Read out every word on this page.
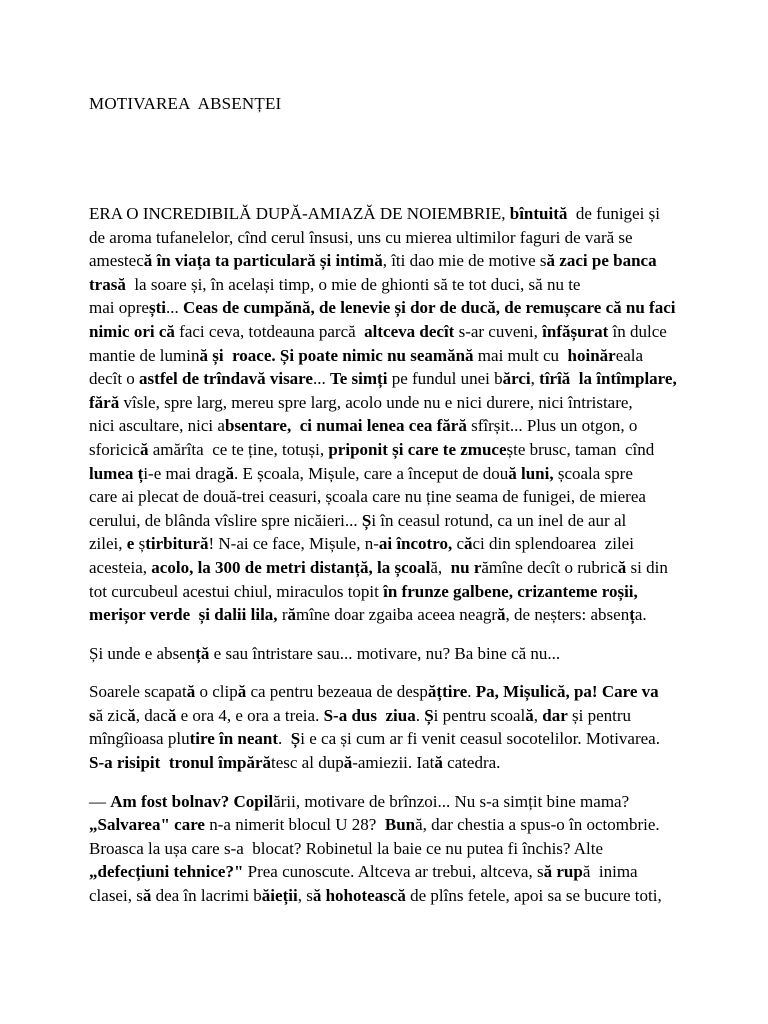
MOTIVAREA  ABSENȚEI

ERA O INCREDIBILĂ DUPĂ-AMIAZĂ DE NOIEMBRIE, bîntuită  de funigei și
de aroma tufanelelor, cînd cerul însusi, uns cu mierea ultimilor faguri de vară se
amestecă în viața ta particulară și intimă, îti dao mie de motive să zaci pe banca
trasă  la soare și, în același timp, o mie de ghionti să te tot duci, să nu te
mai oprești... Ceas de cumpănă, de lenevie și dor de ducă, de remușcare că nu faci
nimic ori că faci ceva, totdeauna parcă  altceva decît s-ar cuveni, înfășurat în dulce
mantie de lumină și  roace. Și poate nimic nu seamănă mai mult cu  hoinăreala
decît o astfel de trîndavă visare... Te simți pe fundul unei bărci, tîrîă  la întîmplare,
fără vîsle, spre larg, mereu spre larg, acolo unde nu e nici durere, nici întristare,
nici ascultare, nici absentare,  ci numai lenea cea fără sfîrșit... Plus un otgon, o
sforicică amărîta  ce te ține, totuși, priponit și care te zmucește brusc, taman  cînd
lumea ți-e mai dragă. E școala, Mișule, care a început de două luni, școala spre
care ai plecat de două-trei ceasuri, școala care nu ține seama de funigei, de mierea
cerului, de blânda vîslire spre nicăieri... Și în ceasul rotund, ca un inel de aur al
zilei, e știrbitură! N-ai ce face, Mișule, n-ai încotro, căci din splendoarea  zilei
acesteia, acolo, la 300 de metri distanță, la școală,  nu rămîne decît o rubrică si din
tot curcubeul acestui chiul, miraculos topit în frunze galbene, crizanteme roșii,
merișor verde  și dalii lila, rămîne doar zgaiba aceea neagră, de neșters: absența.

Și unde e absență e sau întristare sau... motivare, nu? Ba bine că nu...

Soarele scapată o clipă ca pentru bezeaua de despățtire. Pa, Mișulică, pa! Care va
să zică, dacă e ora 4, e ora a treia. S-a dus  ziua. Și pentru scoală, dar și pentru
mîngîioasa plutire în neant.  Și e ca și cum ar fi venit ceasul socotelilor. Motivarea.
S-a risipit  tronul împărătesc al după-amiezii. Iată catedra.

— Am fost bolnav? Copilării, motivare de brînzoi... Nu s-a simțit bine mama?
„Salvarea" care n-a nimerit blocul U 28?  Bună, dar chestia a spus-o în octombrie.
Broasca la ușa care s-a  blocat? Robinetul la baie ce nu putea fi închis? Alte
„defecțiuni tehnice?" Prea cunoscute. Altceva ar trebui, altceva, să rupă  inima
clasei, să dea în lacrimi băieții, să hohotească de plîns fetele, apoi sa se bucure toti,
